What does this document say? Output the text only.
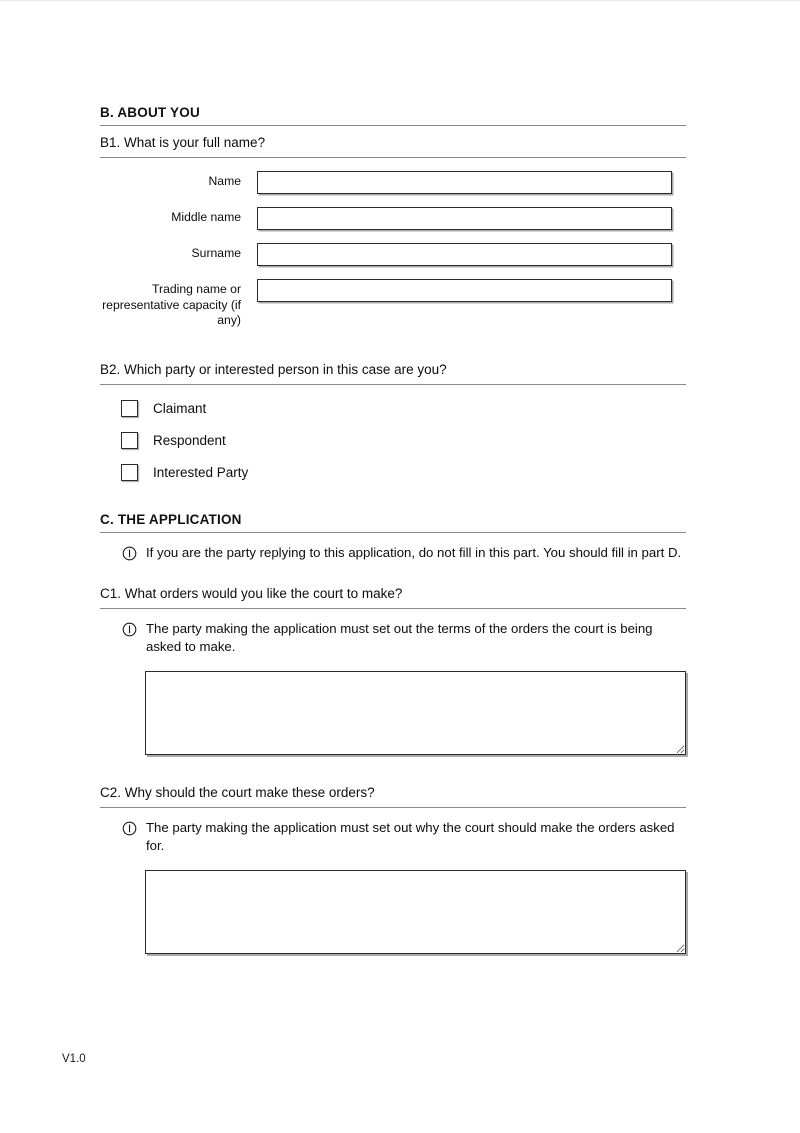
B. ABOUT YOU
B1. What is your full name?
Name
Middle name
Surname
Trading name or representative capacity (if any)
B2. Which party or interested person in this case are you?
Claimant
Respondent
Interested Party
C. THE APPLICATION
If you are the party replying to this application, do not fill in this part. You should fill in part D.
C1. What orders would you like the court to make?
The party making the application must set out the terms of the orders the court is being asked to make.
C2. Why should the court make these orders?
The party making the application must set out why the court should make the orders asked for.
V1.0
